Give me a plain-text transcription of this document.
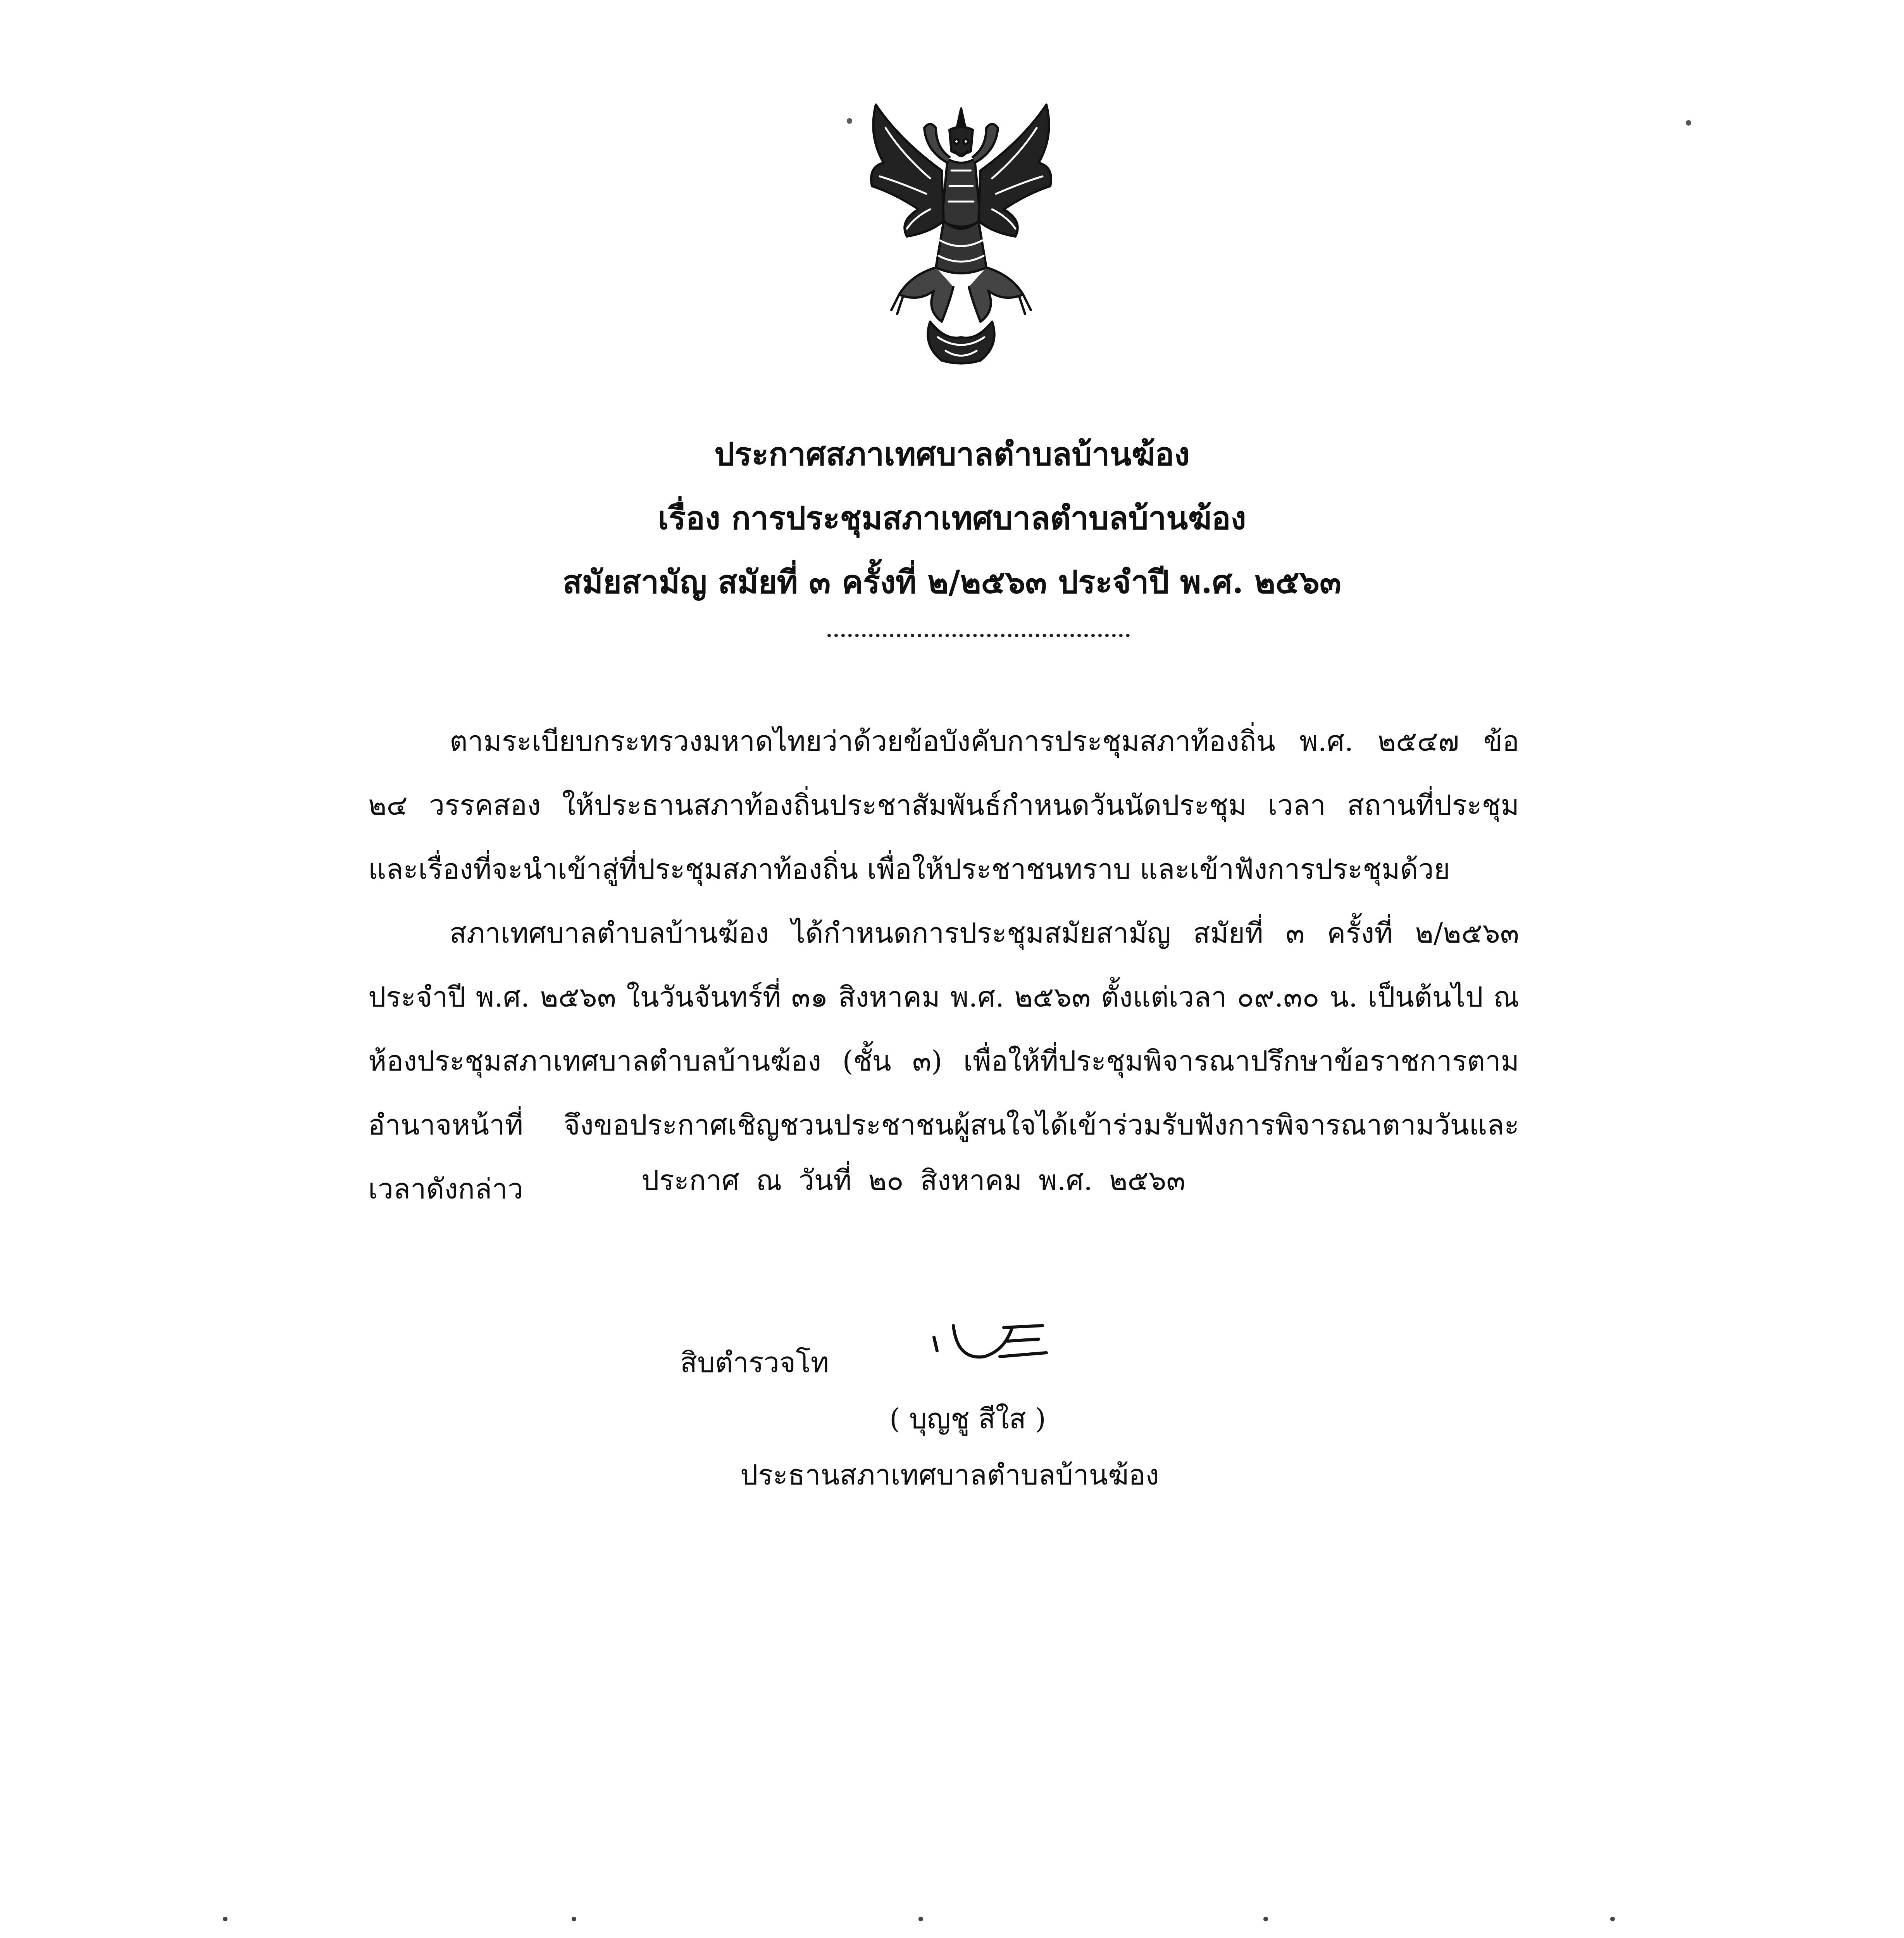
ประกาศสภาเทศบาลตำบลบ้านฆ้อง
เรื่อง การประชุมสภาเทศบาลตำบลบ้านฆ้อง
สมัยสามัญ สมัยที่ ๓ ครั้งที่ ๒/๒๕๖๓ ประจำปี พ.ศ. ๒๕๖๓

ตามระเบียบกระทรวงมหาดไทยว่าด้วยข้อบังคับการประชุมสภาท้องถิ่น พ.ศ. ๒๕๔๗ ข้อ ๒๔ วรรคสอง ให้ประธานสภาท้องถิ่นประชาสัมพันธ์กำหนดวันนัดประชุม เวลา สถานที่ประชุม และเรื่องที่จะนำเข้าสู่ที่ประชุมสภาท้องถิ่น เพื่อให้ประชาชนทราบ และเข้าฟังการประชุมด้วย

สภาเทศบาลตำบลบ้านฆ้อง ได้กำหนดการประชุมสมัยสามัญ สมัยที่ ๓ ครั้งที่ ๒/๒๕๖๓ ประจำปี พ.ศ. ๒๕๖๓ ในวันจันทร์ที่ ๓๑ สิงหาคม พ.ศ. ๒๕๖๓ ตั้งแต่เวลา ๐๙.๓๐ น. เป็นต้นไป ณ ห้องประชุมสภาเทศบาลตำบลบ้านฆ้อง (ชั้น ๓) เพื่อให้ที่ประชุมพิจารณาปรึกษาข้อราชการตามอำนาจหน้าที่ จึงขอประกาศเชิญชวนประชาชนผู้สนใจได้เข้าร่วมรับฟังการพิจารณาตามวันและเวลาดังกล่าว	ประกาศ ณ วันที่ ๒๐ สิงหาคม พ.ศ. ๒๕๖๓
สิบตำรวจโท
( บุญชู สีใส )
ประธานสภาเทศบาลตำบลบ้านฆ้อง
